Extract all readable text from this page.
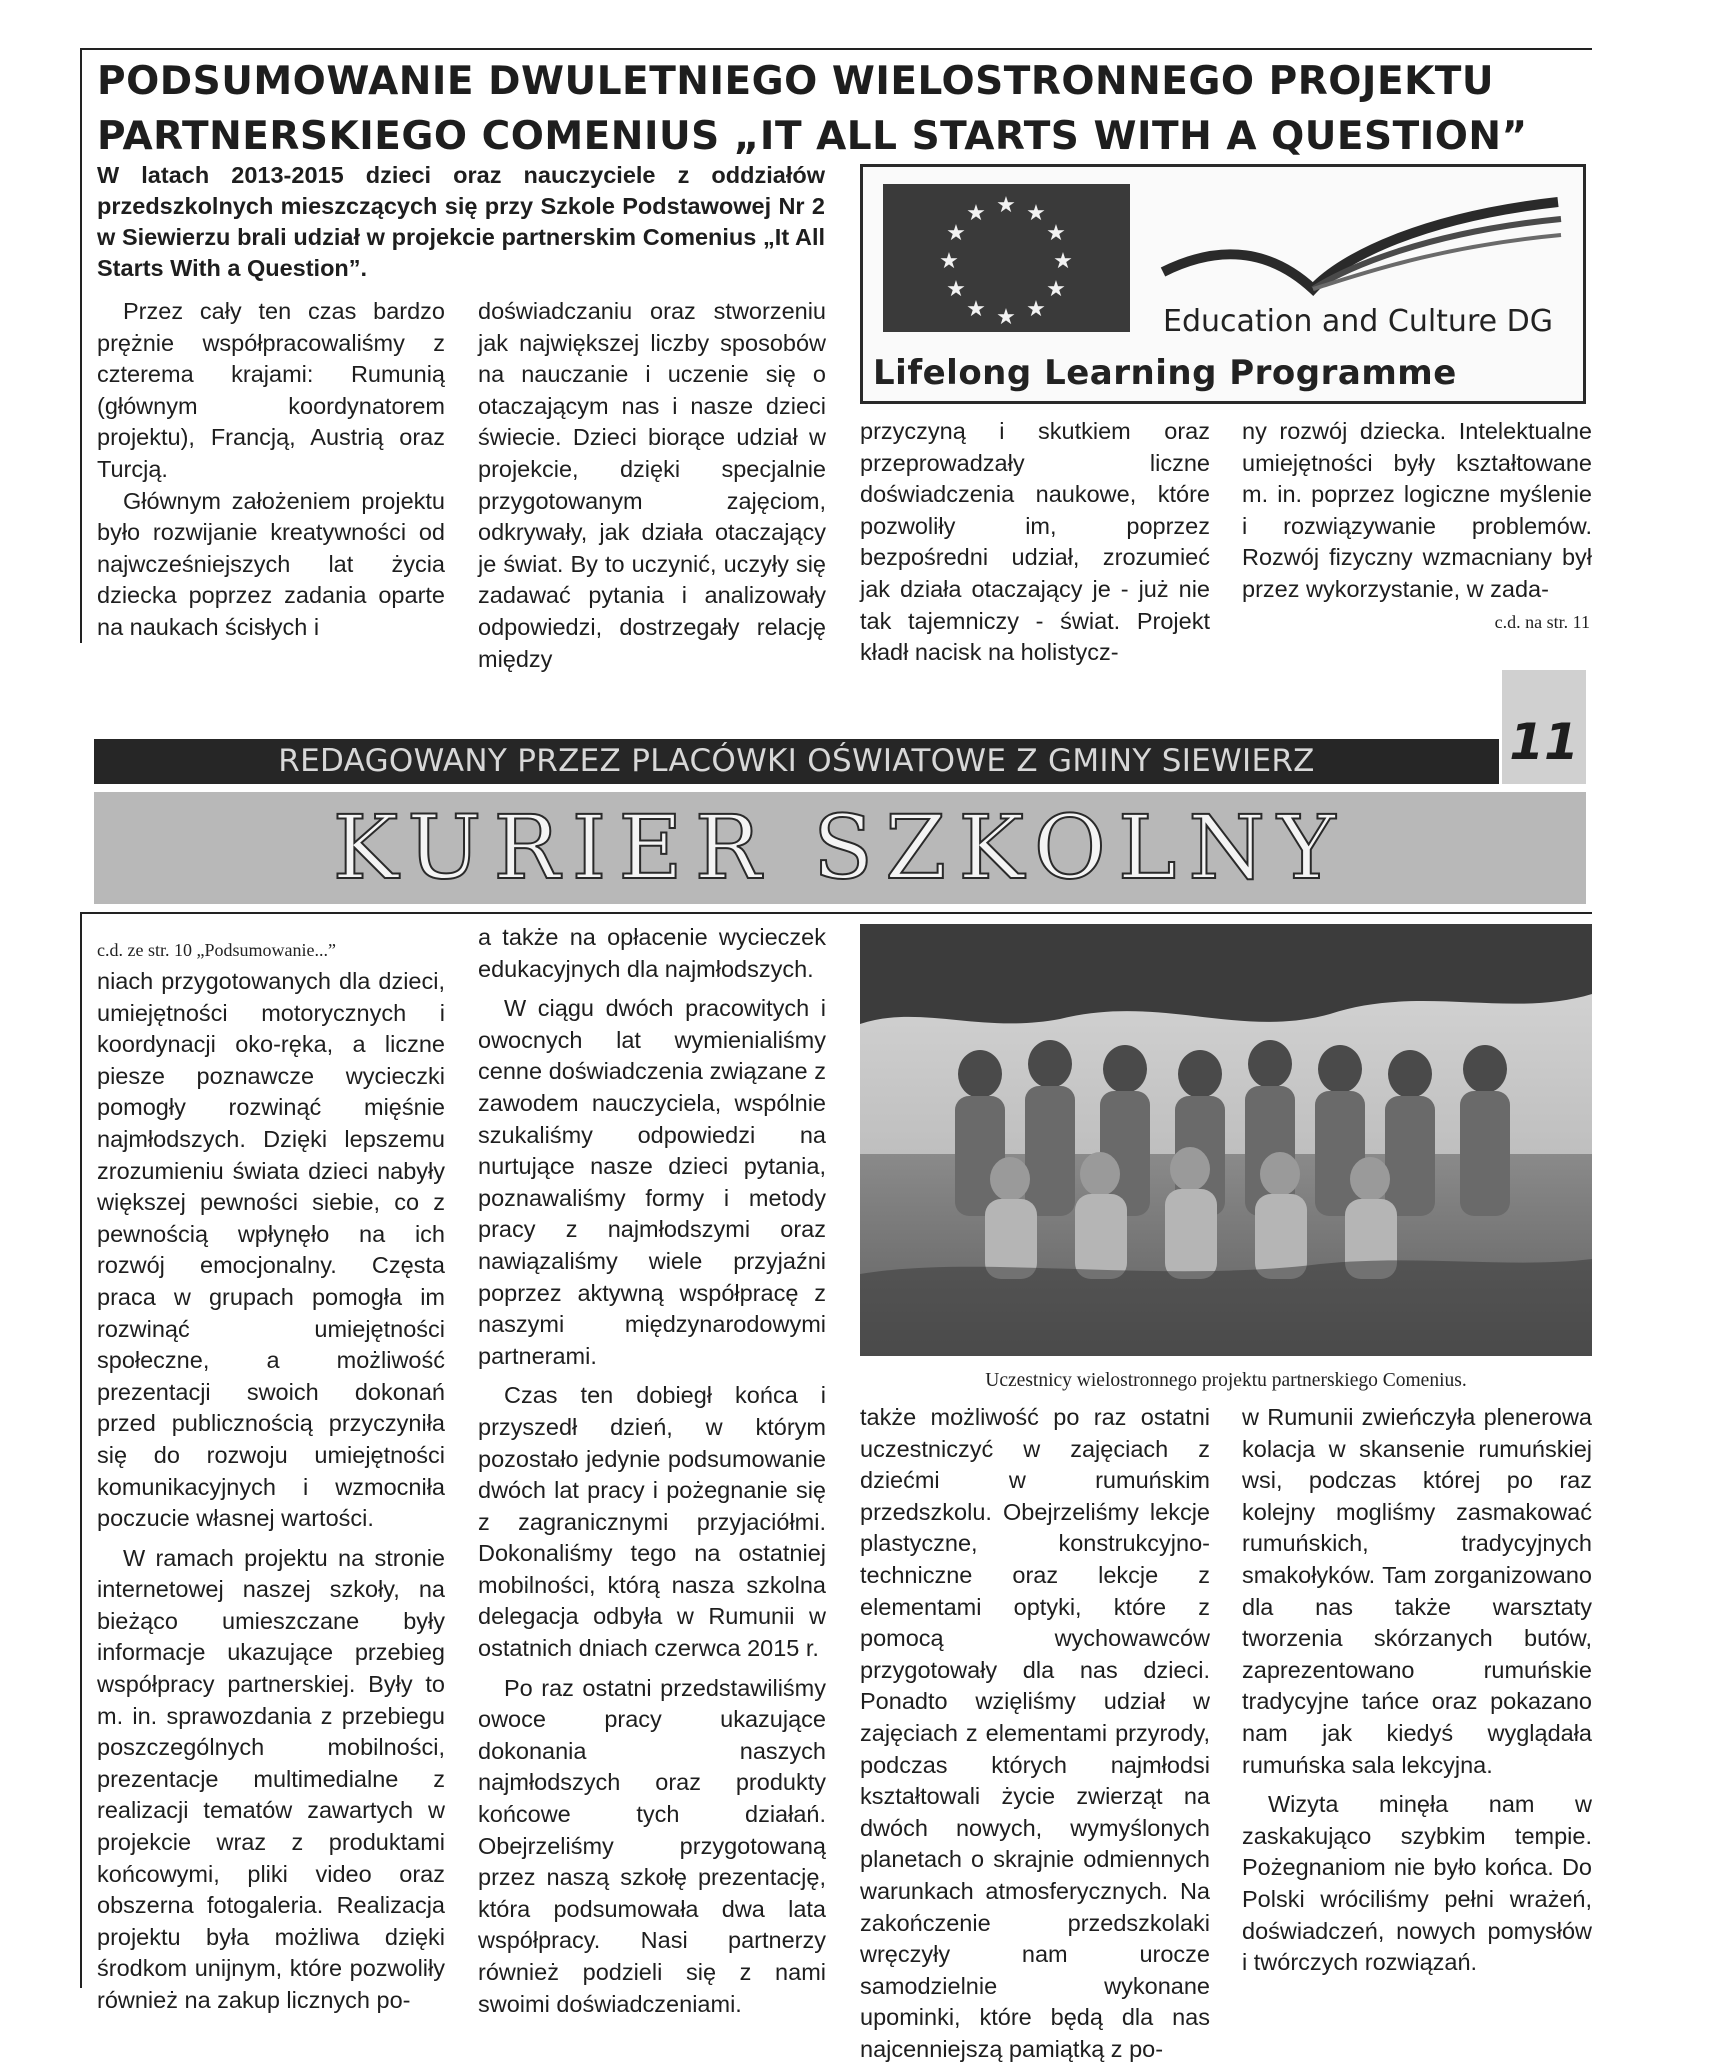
PODSUMOWANIE DWULETNIEGO WIELOSTRONNEGO PROJEKTU
PARTNERSKIEGO COMENIUS „IT ALL STARTS WITH A QUESTION”
W latach 2013-2015 dzieci oraz nauczyciele z oddziałów przedszkolnych mieszczących się przy Szkole Podstawowej Nr 2 w Siewierzu brali udział w projekcie partnerskim Comenius „It All Starts With a Question”.

Przez cały ten czas bardzo prężnie współpracowaliśmy z czterema krajami: Rumunią (głównym koordynatorem projektu), Francją, Austrią oraz Turcją.

Głównym założeniem projektu było rozwijanie kreatywności od najwcześniejszych lat życia dziecka poprzez zadania oparte na naukach ścisłych i

doświadczaniu oraz stworzeniu jak największej liczby sposobów na nauczanie i uczenie się o otaczającym nas i nasze dzieci świecie. Dzieci biorące udział w projekcie, dzięki specjalnie przygotowanym zajęciom, odkrywały, jak działa otaczający je świat. By to uczynić, uczyły się zadawać pytania i analizowały odpowiedzi, dostrzegały relację między

★ ★
★
★
★
★
★
★
★
★
★
★
Education and Culture DG
Lifelong Learning Programme

przyczyną i skutkiem oraz przeprowadzały liczne doświadczenia naukowe, które pozwoliły im, poprzez bezpośredni udział, zrozumieć jak działa otaczający je - już nie tak tajemniczy - świat. Projekt kładł nacisk na holistycz-

ny rozwój dziecka. Intelektualne umiejętności były kształtowane m. in. poprzez logiczne myślenie i rozwiązywanie problemów. Rozwój fizyczny wzmacniany był przez wykorzystanie, w zada-

c.d. na str. 11
11
REDAGOWANY PRZEZ PLACÓWKI OŚWIATOWE Z GMINY SIEWIERZ
KURIER SZKOLNY
c.d. ze str. 10 „Podsumowanie...”

niach przygotowanych dla dzieci, umiejętności motorycznych i koordynacji oko-ręka, a liczne piesze poznawcze wycieczki pomogły rozwinąć mięśnie najmłodszych. Dzięki lepszemu zrozumieniu świata dzieci nabyły większej pewności siebie, co z pewnością wpłynęło na ich rozwój emocjonalny. Częsta praca w grupach pomogła im rozwinąć umiejętności społeczne, a możliwość prezentacji swoich dokonań przed publicznością przyczyniła się do rozwoju umiejętności komunikacyjnych i wzmocniła poczucie własnej wartości.

W ramach projektu na stronie internetowej naszej szkoły, na bieżąco umieszczane były informacje ukazujące przebieg współpracy partnerskiej. Były to m. in. sprawozdania z przebiegu poszczególnych mobilności, prezentacje multimedialne z realizacji tematów zawartych w projekcie wraz z produktami końcowymi, pliki video oraz obszerna fotogaleria. Realizacja projektu była możliwa dzięki środkom unijnym, które pozwoliły również na zakup licznych po-

a także na opłacenie wycieczek edukacyjnych dla najmłodszych.

W ciągu dwóch pracowitych i owocnych lat wymienialiśmy cenne doświadczenia związane z zawodem nauczyciela, wspólnie szukaliśmy odpowiedzi na nurtujące nasze dzieci pytania, poznawaliśmy formy i metody pracy z najmłodszymi oraz nawiązaliśmy wiele przyjaźni poprzez aktywną współpracę z naszymi międzynarodowymi partnerami.

Czas ten dobiegł końca i przyszedł dzień, w którym pozostało jedynie podsumowanie dwóch lat pracy i pożegnanie się z zagranicznymi przyjaciółmi. Dokonaliśmy tego na ostatniej mobilności, którą nasza szkolna delegacja odbyła w Rumunii w ostatnich dniach czerwca 2015 r.

Po raz ostatni przedstawiliśmy owoce pracy ukazujące dokonania naszych najmłodszych oraz produkty końcowe tych działań. Obejrzeliśmy przygotowaną przez naszą szkołę prezentację, która podsumowała dwa lata współpracy. Nasi partnerzy również podzieli się z nami swoimi doświadczeniami.

Uczestnicy wielostronnego projektu partnerskiego Comenius.

także możliwość po raz ostatni uczestniczyć w zajęciach z dziećmi w rumuńskim przedszkolu. Obejrzeliśmy lekcje plastyczne, konstrukcyjno-techniczne oraz lekcje z elementami optyki, które z pomocą wychowawców przygotowały dla nas dzieci. Ponadto wzięliśmy udział w zajęciach z elementami przyrody, podczas których najmłodsi kształtowali życie zwierząt na dwóch nowych, wymyślonych planetach o skrajnie odmiennych warunkach atmosferycznych. Na zakończenie przedszkolaki wręczyły nam urocze samodzielnie wykonane upominki, które będą dla nas najcenniejszą pamiątką z po-

w Rumunii zwieńczyła plenerowa kolacja w skansenie rumuńskiej wsi, podczas której po raz kolejny mogliśmy zasmakować rumuńskich, tradycyjnych smakołyków. Tam zorganizowano dla nas także warsztaty tworzenia skórzanych butów, zaprezentowano rumuńskie tradycyjne tańce oraz pokazano nam jak kiedyś wyglądała rumuńska sala lekcyjna.

Wizyta minęła nam w zaskakująco szybkim tempie. Pożegnaniom nie było końca. Do Polski wróciliśmy pełni wrażeń, doświadczeń, nowych pomysłów i twórczych rozwiązań.
